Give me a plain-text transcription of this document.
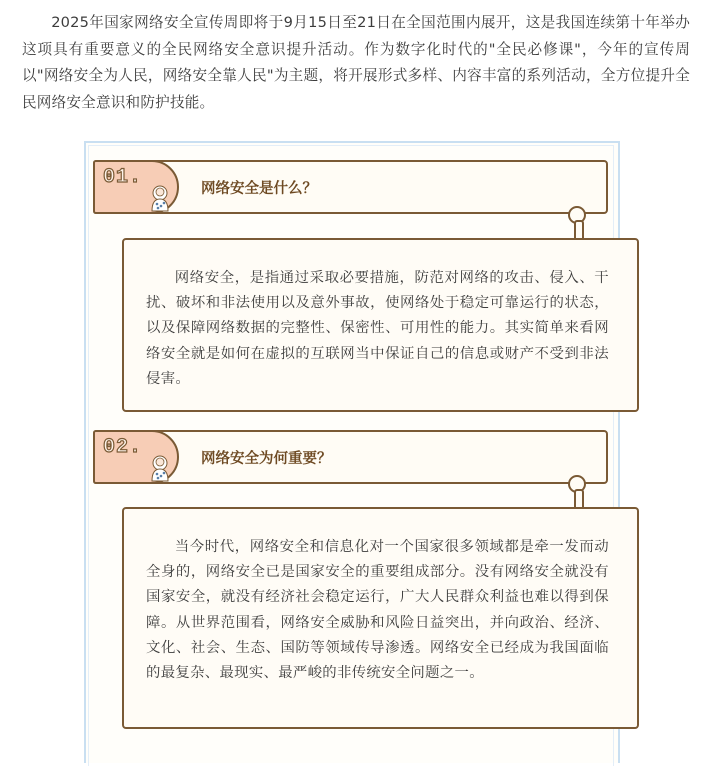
2025年国家网络安全宣传周即将于9月15日至21日在全国范围内展开，这是我国连续第十年举办这项具有重要意义的全民网络安全意识提升活动。作为数字化时代的"全民必修课"，今年的宣传周以"网络安全为人民，网络安全靠人民"为主题，将开展形式多样、内容丰富的系列活动，全方位提升全民网络安全意识和防护技能。

01.	网络安全是什么？

网络安全，是指通过采取必要措施，防范对网络的攻击、侵入、干扰、破坏和非法使用以及意外事故，使网络处于稳定可靠运行的状态，以及保障网络数据的完整性、保密性、可用性的能力。其实简单来看网络安全就是如何在虚拟的互联网当中保证自己的信息或财产不受到非法侵害。

02.	网络安全为何重要？

当今时代，网络安全和信息化对一个国家很多领域都是牵一发而动全身的，网络安全已是国家安全的重要组成部分。没有网络安全就没有国家安全，就没有经济社会稳定运行，广大人民群众利益也难以得到保障。从世界范围看，网络安全威胁和风险日益突出，并向政治、经济、文化、社会、生态、国防等领域传导渗透。网络安全已经成为我国面临的最复杂、最现实、最严峻的非传统安全问题之一。
